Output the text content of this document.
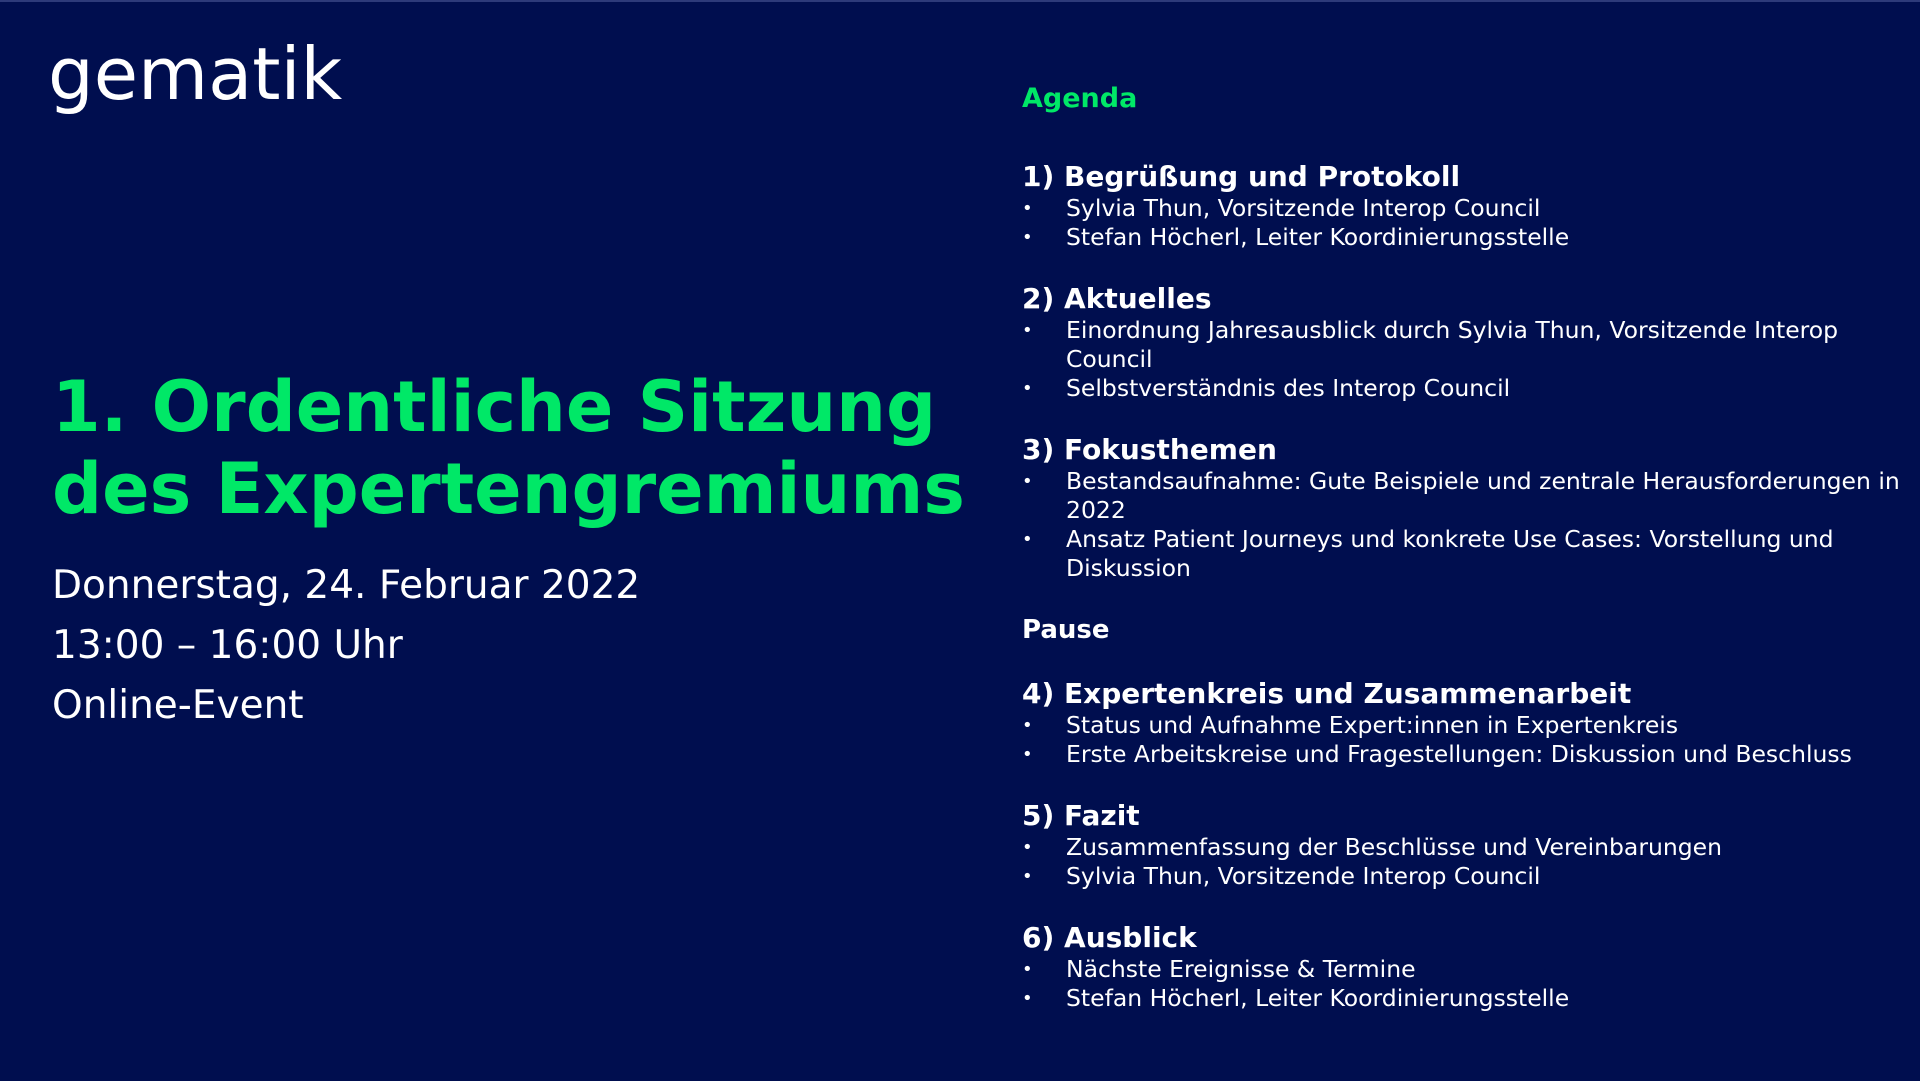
gematik
1. Ordentliche Sitzung
des Expertengremiums
Donnerstag, 24. Februar 2022
13:00 – 16:00 Uhr
Online-Event
Agenda
1) Begrüßung und Protokoll
• Sylvia Thun, Vorsitzende Interop Council
• Stefan Höcherl, Leiter Koordinierungsstelle
2) Aktuelles
• Einordnung Jahresausblick durch Sylvia Thun, Vorsitzende Interop Council
• Selbstverständnis des Interop Council
3) Fokusthemen
• Bestandsaufnahme: Gute Beispiele und zentrale Herausforderungen in 2022
• Ansatz Patient Journeys und konkrete Use Cases: Vorstellung und Diskussion
Pause
4) Expertenkreis und Zusammenarbeit
• Status und Aufnahme Expert:innen in Expertenkreis
• Erste Arbeitskreise und Fragestellungen: Diskussion und Beschluss
5) Fazit
• Zusammenfassung der Beschlüsse und Vereinbarungen
• Sylvia Thun, Vorsitzende Interop Council
6) Ausblick
• Nächste Ereignisse & Termine
• Stefan Höcherl, Leiter Koordinierungsstelle
